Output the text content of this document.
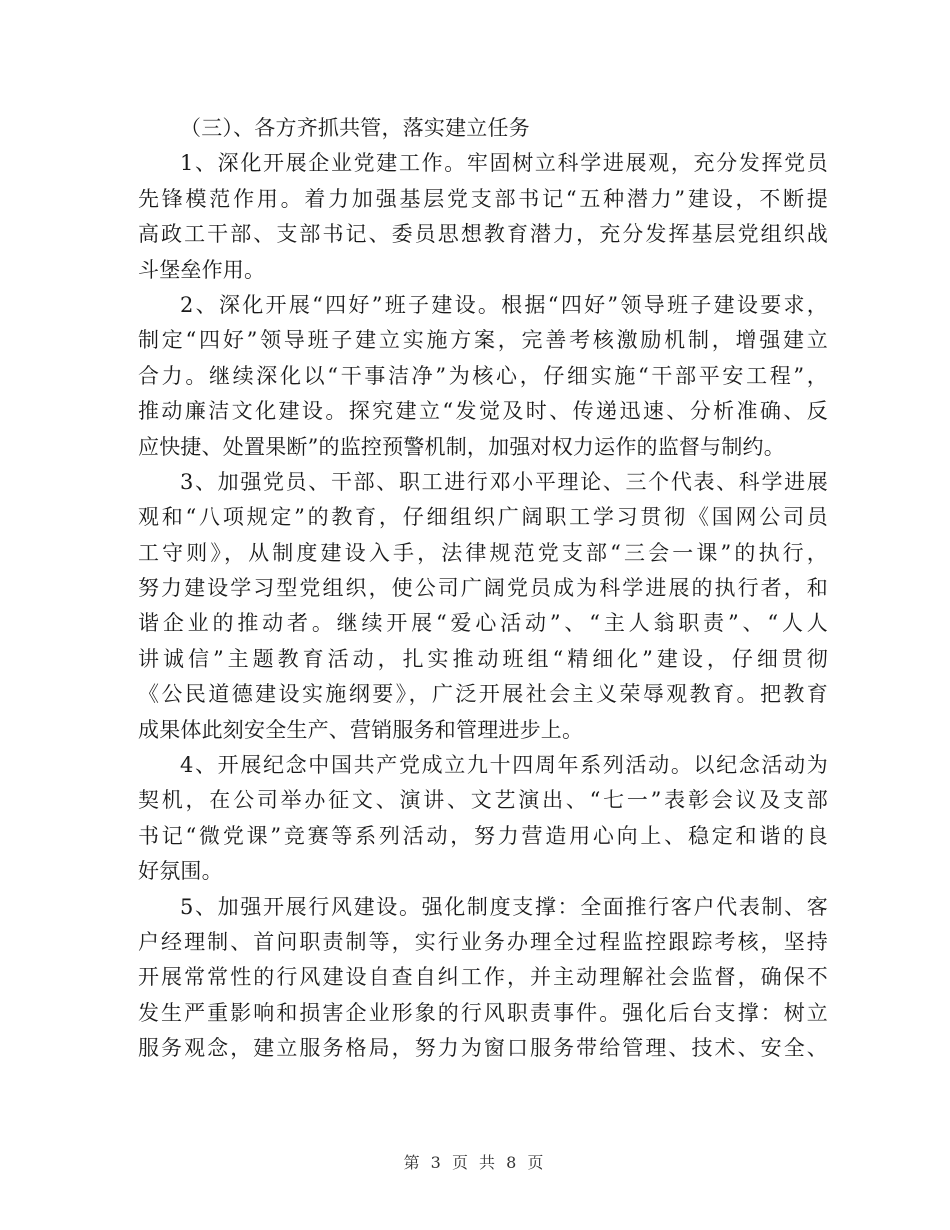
（三）、各方齐抓共管，落实建立任务
1、深化开展企业党建工作。牢固树立科学进展观，充分发挥党员
先锋模范作用。着力加强基层党支部书记“五种潜力”建设，不断提
高政工干部、支部书记、委员思想教育潜力，充分发挥基层党组织战
斗堡垒作用。
2、深化开展“四好”班子建设。根据“四好”领导班子建设要求，
制定“四好”领导班子建立实施方案，完善考核激励机制，增强建立
合力。继续深化以“干事洁净”为核心，仔细实施“干部平安工程”，
推动廉洁文化建设。探究建立“发觉及时、传递迅速、分析准确、反
应快捷、处置果断”的监控预警机制，加强对权力运作的监督与制约。
3、加强党员、干部、职工进行邓小平理论、三个代表、科学进展
观和“八项规定”的教育，仔细组织广阔职工学习贯彻《国网公司员
工守则》，从制度建设入手，法律规范党支部“三会一课”的执行，
努力建设学习型党组织，使公司广阔党员成为科学进展的执行者，和
谐企业的推动者。继续开展“爱心活动”、“主人翁职责”、“人人
讲诚信”主题教育活动，扎实推动班组“精细化”建设，仔细贯彻
《公民道德建设实施纲要》，广泛开展社会主义荣辱观教育。把教育
成果体此刻安全生产、营销服务和管理进步上。
4、开展纪念中国共产党成立九十四周年系列活动。以纪念活动为
契机，在公司举办征文、演讲、文艺演出、“七一”表彰会议及支部
书记“微党课”竞赛等系列活动，努力营造用心向上、稳定和谐的良
好氛围。
5、加强开展行风建设。强化制度支撑：全面推行客户代表制、客
户经理制、首问职责制等，实行业务办理全过程监控跟踪考核，坚持
开展常常性的行风建设自查自纠工作，并主动理解社会监督，确保不
发生严重影响和损害企业形象的行风职责事件。强化后台支撑：树立
服务观念，建立服务格局，努力为窗口服务带给管理、技术、安全、
第 3 页 共 8 页
